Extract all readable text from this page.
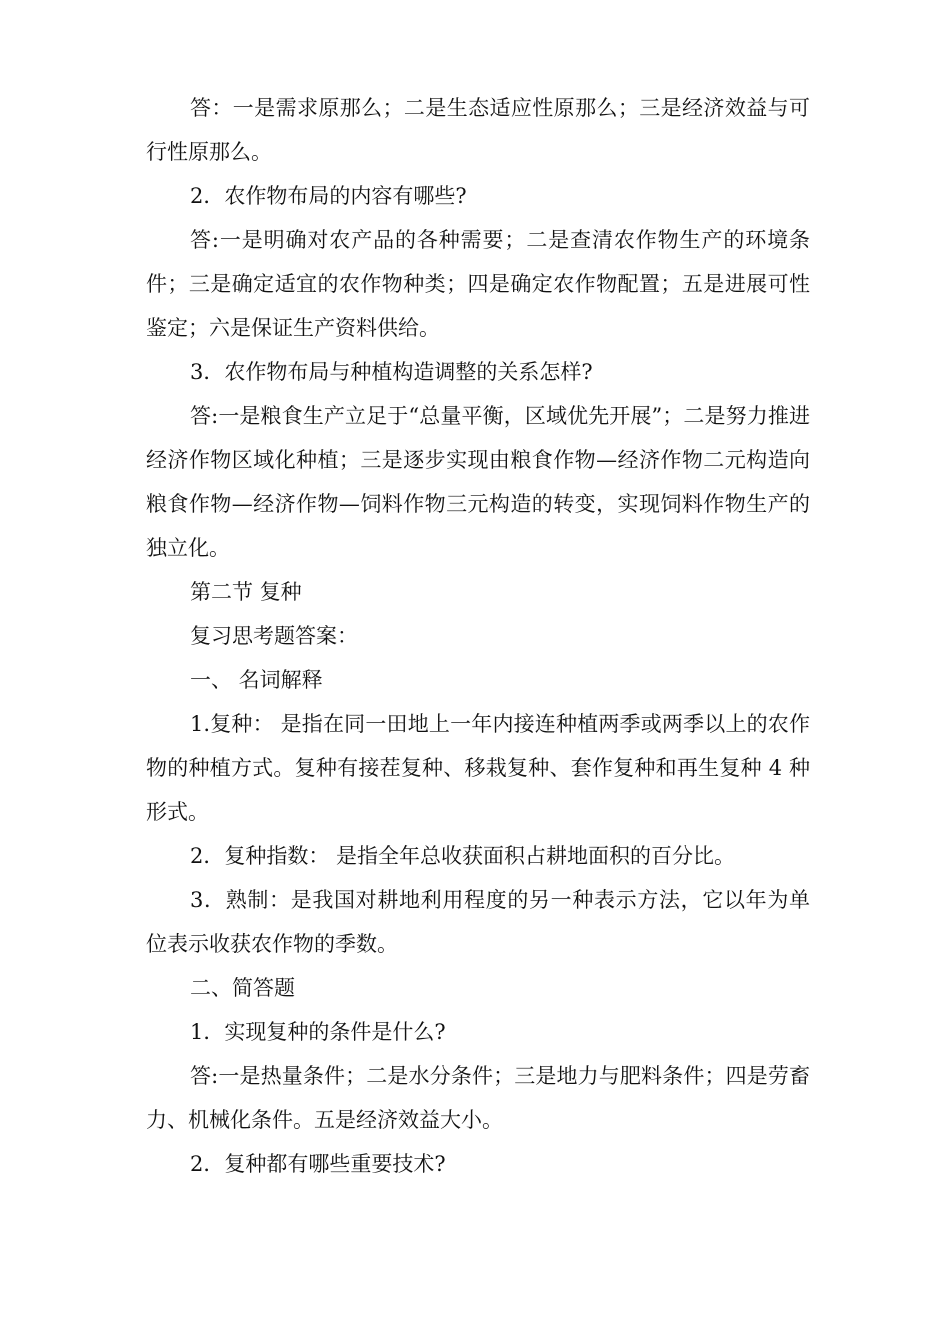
答：一是需求原那么；二是生态适应性原那么；三是经济效益与可行性原那么。

2．农作物布局的内容有哪些?

答:一是明确对农产品的各种需要；二是查清农作物生产的环境条件；三是确定适宜的农作物种类；四是确定农作物配置；五是进展可性鉴定；六是保证生产资料供给。

3．农作物布局与种植构造调整的关系怎样?

答:一是粮食生产立足于“总量平衡，区域优先开展”；二是努力推进经济作物区域化种植；三是逐步实现由粮食作物—经济作物二元构造向粮食作物—经济作物—饲料作物三元构造的转变，实现饲料作物生产的独立化。

第二节 复种

复习思考题答案：

一、 名词解释

1.复种： 是指在同一田地上一年内接连种植两季或两季以上的农作物的种植方式。复种有接茬复种、移栽复种、套作复种和再生复种 4 种形式。

2．复种指数： 是指全年总收获面积占耕地面积的百分比。

3．熟制：是我国对耕地利用程度的另一种表示方法，它以年为单位表示收获农作物的季数。

二、简答题

1．实现复种的条件是什么?

答:一是热量条件；二是水分条件；三是地力与肥料条件；四是劳畜力、机械化条件。五是经济效益大小。

2．复种都有哪些重要技术?
